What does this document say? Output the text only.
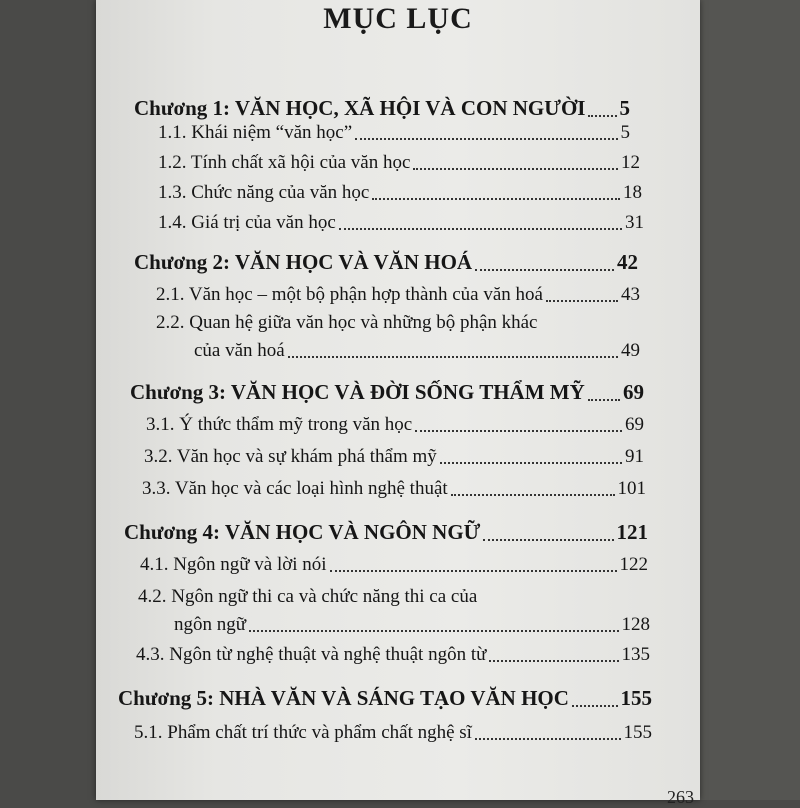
MỤC LỤC
Chương 1: VĂN HỌC, XÃ HỘI VÀ CON NGƯỜI 5
1.1. Khái niệm “văn học”	5
1.2. Tính chất xã hội của văn học	12
1.3. Chức năng của văn học	18
1.4. Giá trị của văn học	31
Chương 2: VĂN HỌC VÀ VĂN HOÁ	42
2.1. Văn học – một bộ phận hợp thành của văn hoá	43
2.2. Quan hệ giữa văn học và những bộ phận khác
của văn hoá	49
Chương 3: VĂN HỌC VÀ ĐỜI SỐNG THẨM MỸ 69
3.1. Ý thức thẩm mỹ trong văn học	69
3.2. Văn học và sự khám phá thẩm mỹ	91
3.3. Văn học và các loại hình nghệ thuật	101
Chương 4: VĂN HỌC VÀ NGÔN NGỮ	121
4.1. Ngôn ngữ và lời nói	122
4.2. Ngôn ngữ thi ca và chức năng thi ca của
ngôn ngữ	128
4.3. Ngôn từ nghệ thuật và nghệ thuật ngôn từ	135
Chương 5: NHÀ VĂN VÀ SÁNG TẠO VĂN HỌC 155
5.1. Phẩm chất trí thức và phẩm chất nghệ sĩ	155
263
